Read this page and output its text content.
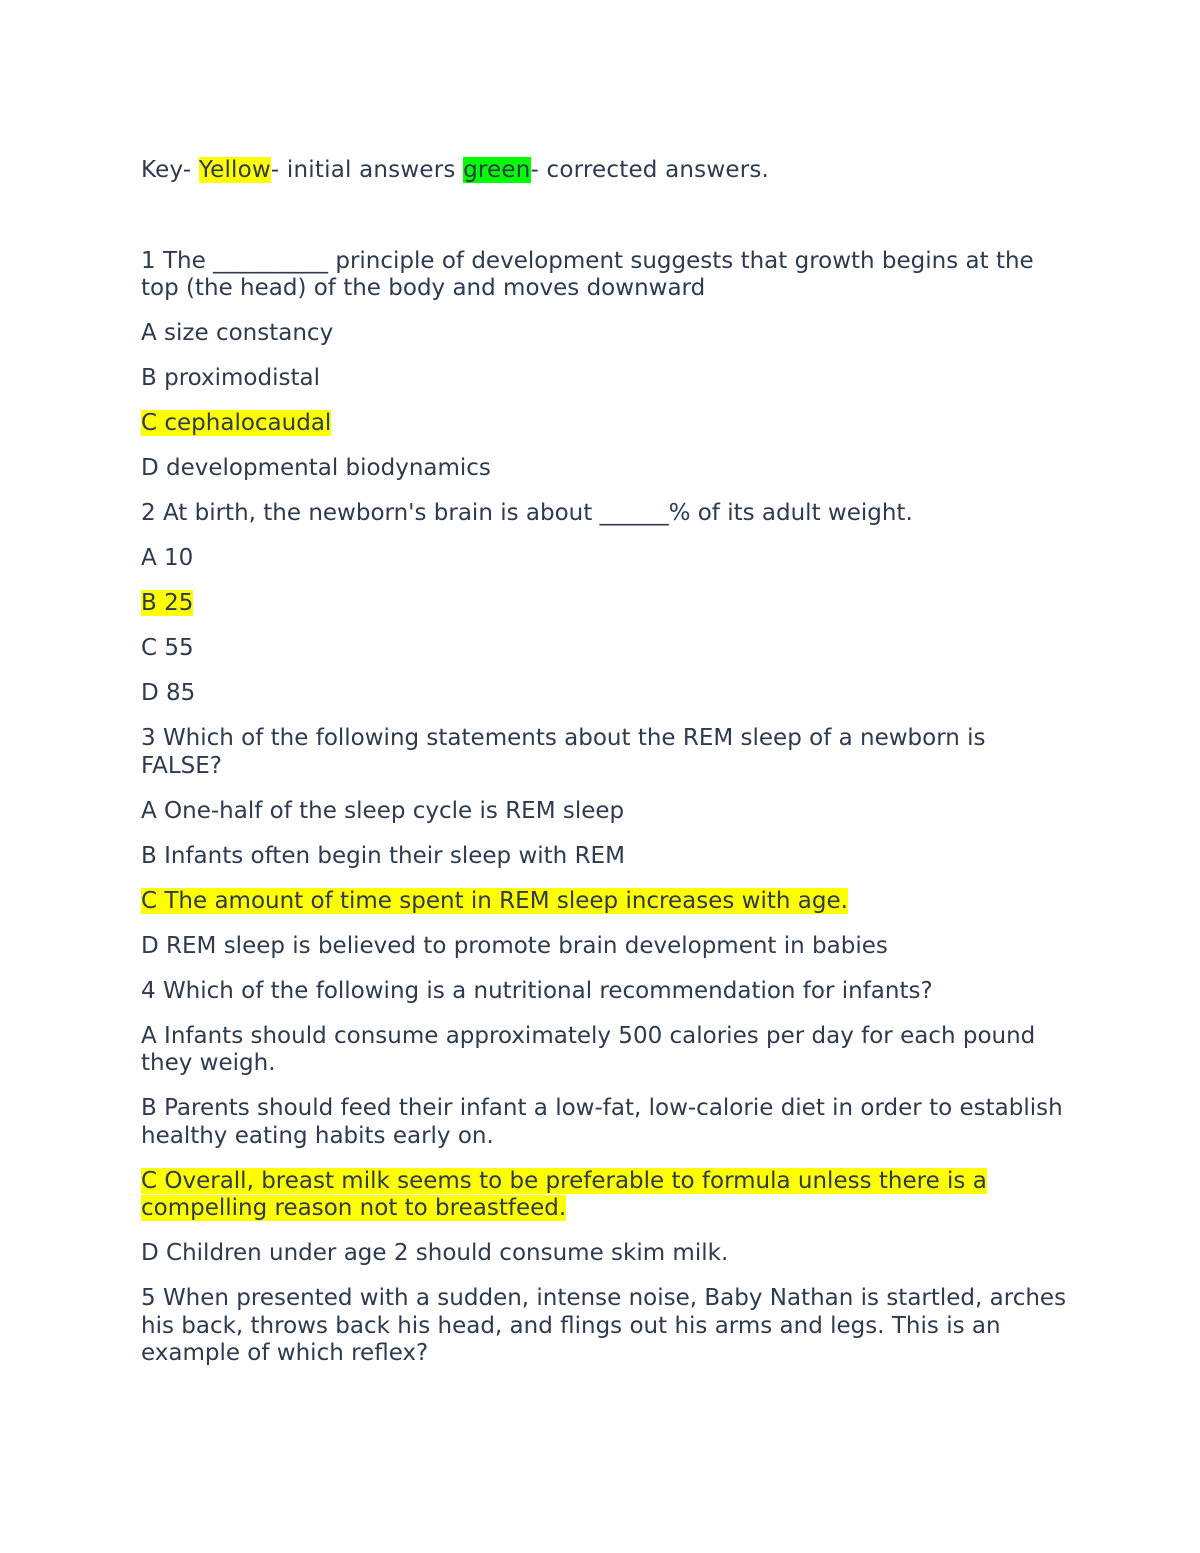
Key- Yellow- initial answers green- corrected answers.

1 The __________ principle of development suggests that growth begins at the top (the head) of the body and moves downward

A size constancy

B proximodistal

C cephalocaudal

D developmental biodynamics

2 At birth, the newborn's brain is about ______% of its adult weight.

A 10

B 25

C 55

D 85

3 Which of the following statements about the REM sleep of a newborn is FALSE?

A One-half of the sleep cycle is REM sleep

B Infants often begin their sleep with REM

C The amount of time spent in REM sleep increases with age.

D REM sleep is believed to promote brain development in babies

4 Which of the following is a nutritional recommendation for infants?

A Infants should consume approximately 500 calories per day for each pound they weigh.

B Parents should feed their infant a low-fat, low-calorie diet in order to establish healthy eating habits early on.

C Overall, breast milk seems to be preferable to formula unless there is a compelling reason not to breastfeed.

D Children under age 2 should consume skim milk.

5 When presented with a sudden, intense noise, Baby Nathan is startled, arches his back, throws back his head, and flings out his arms and legs. This is an example of which reflex?
